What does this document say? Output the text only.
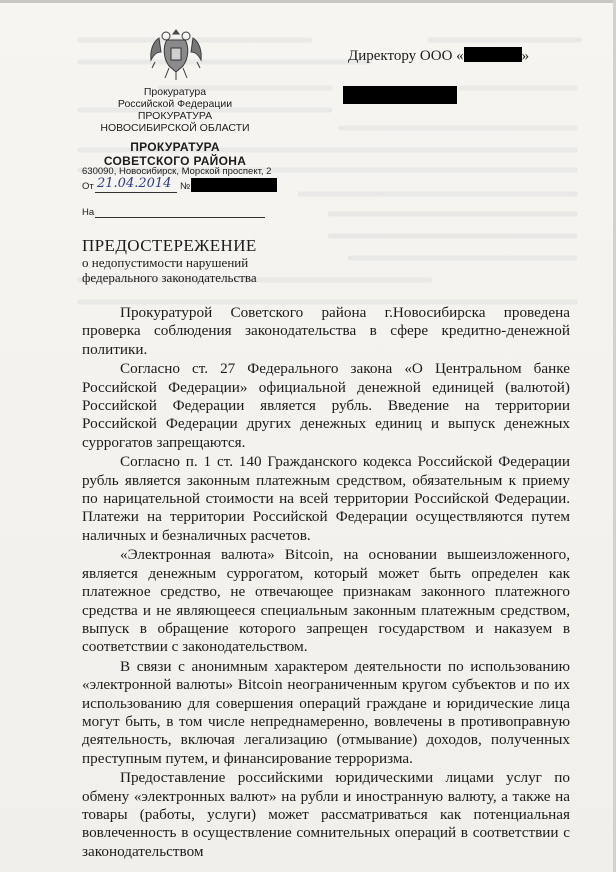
Прокуратура
Российской Федерации
ПРОКУРАТУРА
НОВОСИБИРСКОЙ ОБЛАСТИ
ПРОКУРАТУРА
СОВЕТСКОГО РАЙОНА
630090, Новосибирск, Морской проспект, 2
От 21.04.2014 №
На
Директору ООО «	»
ПРЕДОСТЕРЕЖЕНИЕ
о недопустимости нарушений
федерального законодательства

Прокуратурой Советского района г.Новосибирска проведена проверка соблюдения законодательства в сфере кредитно-денежной политики.

Согласно ст. 27 Федерального закона «О Центральном банке Российской Федерации» официальной денежной единицей (валютой) Российской Федерации является рубль. Введение на территории Российской Федерации других денежных единиц и выпуск денежных суррогатов запрещаются.

Согласно п. 1 ст. 140 Гражданского кодекса Российской Федерации рубль является законным платежным средством, обязательным к приему по нарицательной стоимости на всей территории Российской Федерации. Платежи на территории Российской Федерации осуществляются путем наличных и безналичных расчетов.

«Электронная валюта» Bitcoin, на основании вышеизложенного, является денежным суррогатом, который может быть определен как платежное средство, не отвечающее признакам законного платежного средства и не являющееся специальным законным платежным средством, выпуск в обращение которого запрещен государством и наказуем в соответствии с законодательством.

В связи с анонимным характером деятельности по использованию «электронной валюты» Bitcoin неограниченным кругом субъектов и по их использованию для совершения операций граждане и юридические лица могут быть, в том числе непреднамеренно, вовлечены в противоправную деятельность, включая легализацию (отмывание) доходов, полученных преступным путем, и финансирование терроризма.

Предоставление российскими юридическими лицами услуг по обмену «электронных валют» на рубли и иностранную валюту, а также на товары (работы, услуги) может рассматриваться как потенциальная вовлеченность в осуществление сомнительных операций в соответствии с законодательством
